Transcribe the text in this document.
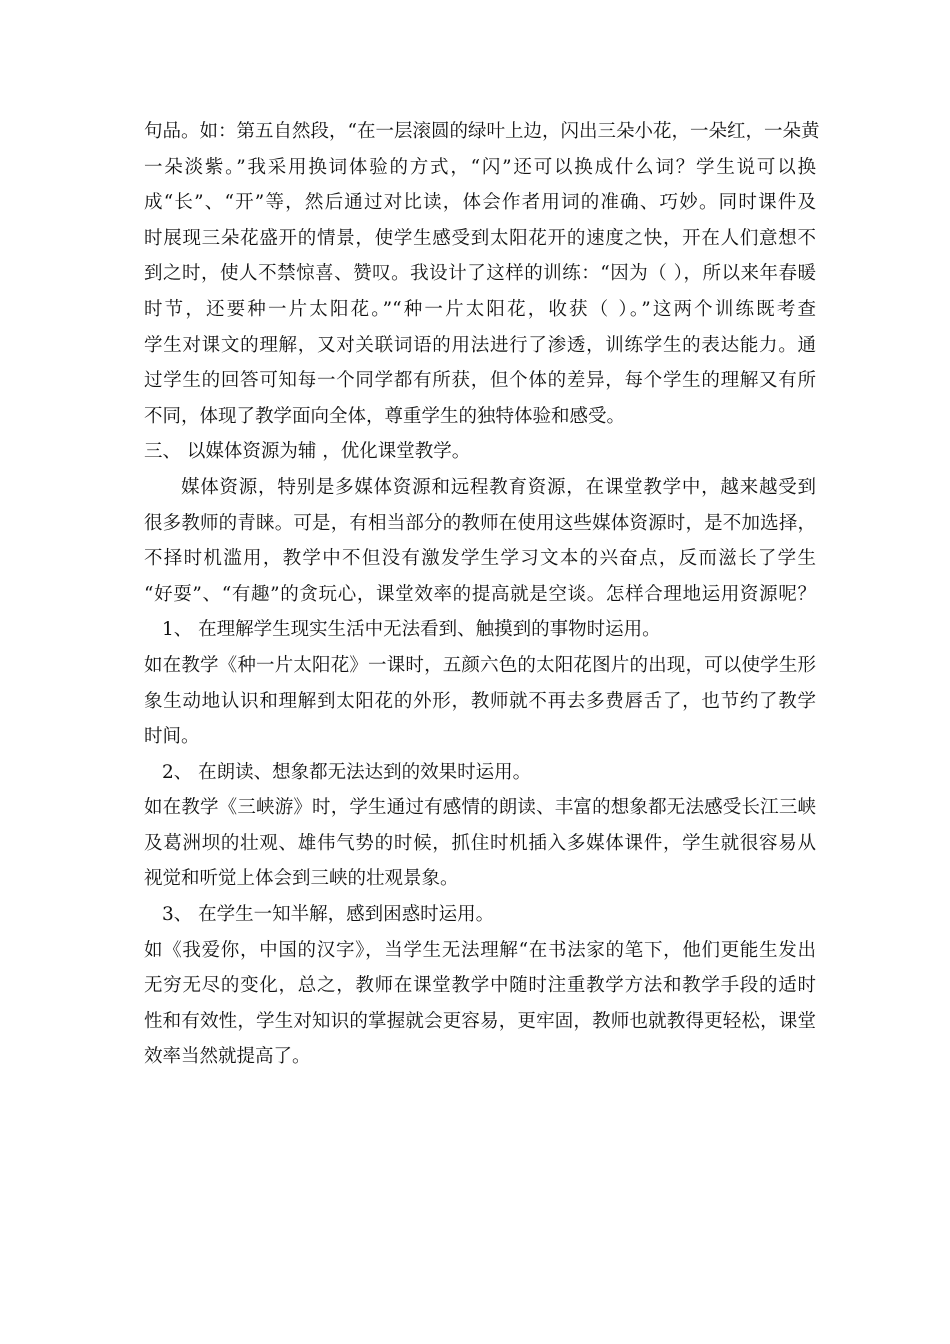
句品。如：第五自然段，“在一层滚圆的绿叶上边，闪出三朵小花，一朵红，一朵黄
一朵淡紫。”我采用换词体验的方式，“闪”还可以换成什么词？学生说可以换
成“长”、“开”等，然后通过对比读，体会作者用词的准确、巧妙。同时课件及
时展现三朵花盛开的情景，使学生感受到太阳花开的速度之快，开在人们意想不
到之时，使人不禁惊喜、赞叹。我设计了这样的训练：“因为（ ），所以来年春暖
时节，还要种一片太阳花。”“种一片太阳花，收获（ ）。”这两个训练既考查
学生对课文的理解，又对关联词语的用法进行了渗透，训练学生的表达能力。通
过学生的回答可知每一个同学都有所获，但个体的差异，每个学生的理解又有所
不同，体现了教学面向全体，尊重学生的独特体验和感受。
三、 以媒体资源为辅 ，优化课堂教学。
媒体资源，特别是多媒体资源和远程教育资源，在课堂教学中，越来越受到
很多教师的青睐。可是，有相当部分的教师在使用这些媒体资源时，是不加选择，
不择时机滥用，教学中不但没有激发学生学习文本的兴奋点，反而滋长了学生
“好耍”、“有趣”的贪玩心，课堂效率的提高就是空谈。怎样合理地运用资源呢？
1、 在理解学生现实生活中无法看到、触摸到的事物时运用。
如在教学《种一片太阳花》一课时，五颜六色的太阳花图片的出现，可以使学生形
象生动地认识和理解到太阳花的外形，教师就不再去多费唇舌了，也节约了教学
时间。
2、 在朗读、想象都无法达到的效果时运用。
如在教学《三峡游》时，学生通过有感情的朗读、丰富的想象都无法感受长江三峡
及葛洲坝的壮观、雄伟气势的时候，抓住时机插入多媒体课件，学生就很容易从
视觉和听觉上体会到三峡的壮观景象。
3、 在学生一知半解，感到困惑时运用。
如《我爱你，中国的汉字》，当学生无法理解“在书法家的笔下，他们更能生发出
无穷无尽的变化，总之，教师在课堂教学中随时注重教学方法和教学手段的适时
性和有效性，学生对知识的掌握就会更容易，更牢固，教师也就教得更轻松，课堂
效率当然就提高了。
